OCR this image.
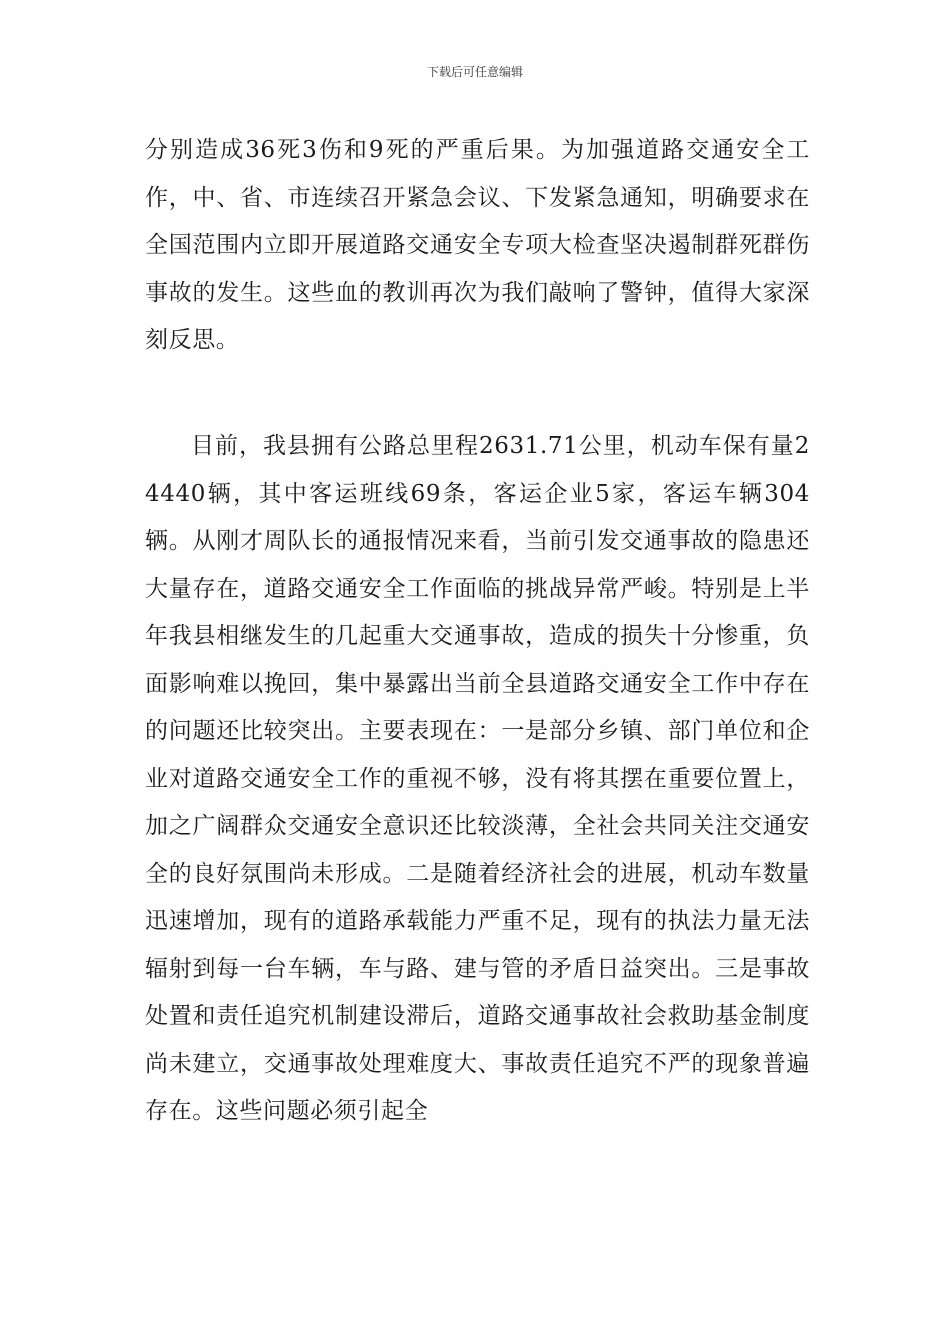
下载后可任意编辑

分别造成36死3伤和9死的严重后果。为加强道路交通安全工作，中、省、市连续召开紧急会议、下发紧急通知，明确要求在全国范围内立即开展道路交通安全专项大检查坚决遏制群死群伤事故的发生。这些血的教训再次为我们敲响了警钟，值得大家深刻反思。

目前，我县拥有公路总里程2631.71公里，机动车保有量24440辆，其中客运班线69条，客运企业5家，客运车辆304辆。从刚才周队长的通报情况来看，当前引发交通事故的隐患还大量存在，道路交通安全工作面临的挑战异常严峻。特别是上半年我县相继发生的几起重大交通事故，造成的损失十分惨重，负面影响难以挽回，集中暴露出当前全县道路交通安全工作中存在的问题还比较突出。主要表现在：一是部分乡镇、部门单位和企业对道路交通安全工作的重视不够，没有将其摆在重要位置上，加之广阔群众交通安全意识还比较淡薄，全社会共同关注交通安全的良好氛围尚未形成。二是随着经济社会的进展，机动车数量迅速增加，现有的道路承载能力严重不足，现有的执法力量无法辐射到每一台车辆，车与路、建与管的矛盾日益突出。三是事故处置和责任追究机制建设滞后，道路交通事故社会救助基金制度尚未建立，交通事故处理难度大、事故责任追究不严的现象普遍存在。这些问题必须引起全
